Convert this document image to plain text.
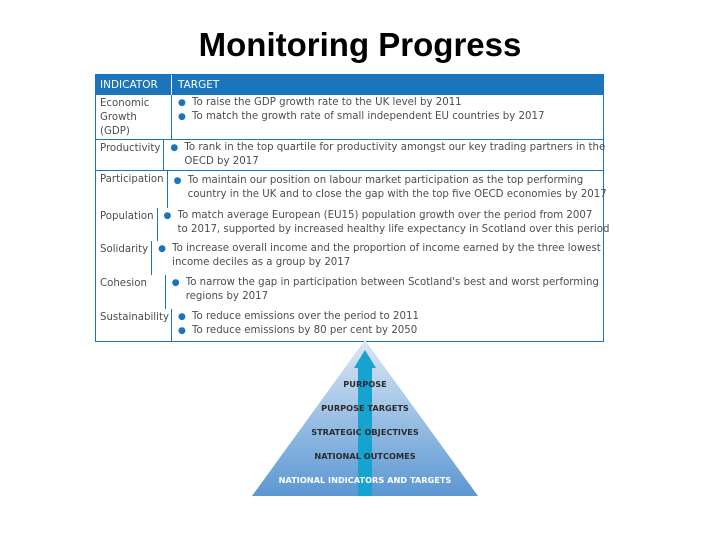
Monitoring Progress
INDICATOR	TARGET
Economic Growth (GDP)
● To raise the GDP growth rate to the UK level by 2011
● To match the growth rate of small independent EU countries by 2017
Productivity	● To rank in the top quartile for productivity amongst our key trading partners in the
OECD by 2017
Participation	● To maintain our position on labour market participation as the top performing
country in the UK and to close the gap with the top five OECD economies by 2017
Population	● To match average European (EU15) population growth over the period from 2007
to 2017, supported by increased healthy life expectancy in Scotland over this period
Solidarity	● To increase overall income and the proportion of income earned by the three lowest
income deciles as a group by 2017
Cohesion	● To narrow the gap in participation between Scotland's best and worst performing
regions by 2017
Sustainability	● To reduce emissions over the period to 2011
● To reduce emissions by 80 per cent by 2050
PURPOSE
PURPOSE TARGETS
STRATEGIC OBJECTIVES
NATIONAL OUTCOMES
NATIONAL INDICATORS AND TARGETS
